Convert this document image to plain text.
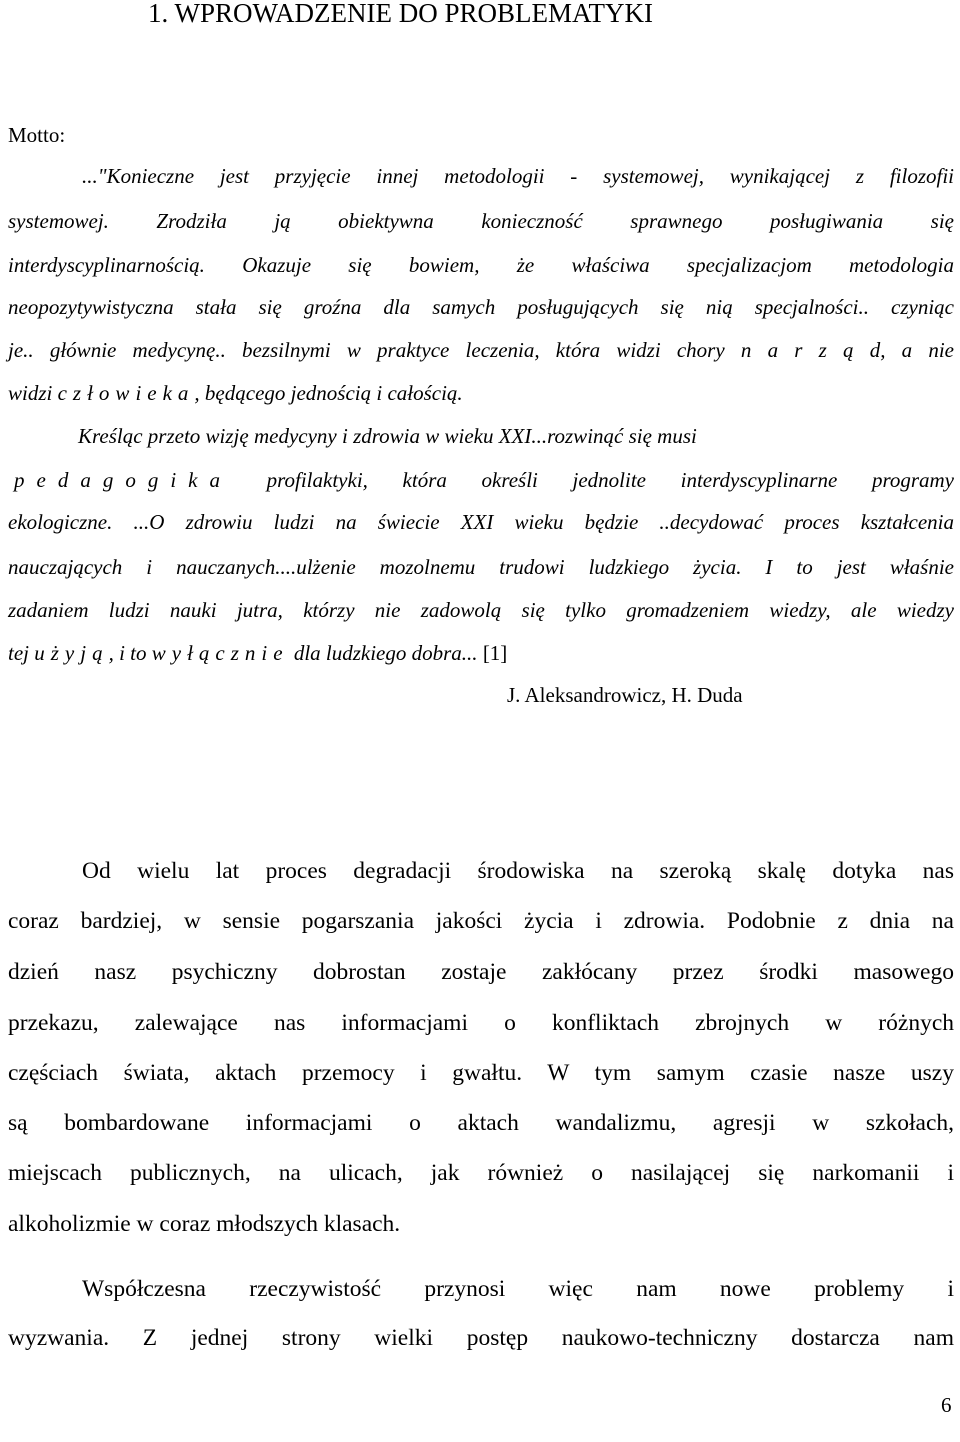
1. WPROWADZENIE DO PROBLEMATYKI
Motto:
..."Konieczne jest przyjęcie innej metodologii - systemowej, wynikającej z filozofii
systemowej. Zrodziła ją obiektywna konieczność sprawnego posługiwania się
interdyscyplinarnością. Okazuje się bowiem, że właściwa specjalizacjom metodologia
neopozytywistyczna stała się groźna dla samych posługujących się nią specjalności.. czyniąc
je.. głównie medycynę.. bezsilnymi w praktyce leczenia, która widzi chory n a r z ą d, a nie
widzi człowieka, będącego jednością i całością.
Kreśląc przeto wizję medycyny i zdrowia w wieku XXI...rozwinąć się musi
pedagogika profilaktyki, która określi jednolite interdyscyplinarne programy
ekologiczne. ...O zdrowiu ludzi na świecie XXI wieku będzie ..decydować proces kształcenia
nauczających i nauczanych....ulżenie mozolnemu trudowi ludzkiego życia. I to jest właśnie
zadaniem ludzi nauki jutra, którzy nie zadowolą się tylko gromadzeniem wiedzy, ale wiedzy
tej użyją, i to wyłącznie dla ludzkiego dobra... [1]
J. Aleksandrowicz, H. Duda
Od wielu lat proces degradacji środowiska na szeroką skalę dotyka nas
coraz bardziej, w sensie pogarszania jakości życia i zdrowia. Podobnie z dnia na
dzień nasz psychiczny dobrostan zostaje zakłócany przez środki masowego
przekazu, zalewające nas informacjami o konfliktach zbrojnych w różnych
częściach świata, aktach przemocy i gwałtu. W tym samym czasie nasze uszy
są bombardowane informacjami o aktach wandalizmu, agresji w szkołach,
miejscach publicznych, na ulicach, jak również o nasilającej się narkomanii i
alkoholizmie w coraz młodszych klasach.
Współczesna rzeczywistość przynosi więc nam nowe problemy i
wyzwania. Z jednej strony wielki postęp naukowo-techniczny dostarcza nam
6
